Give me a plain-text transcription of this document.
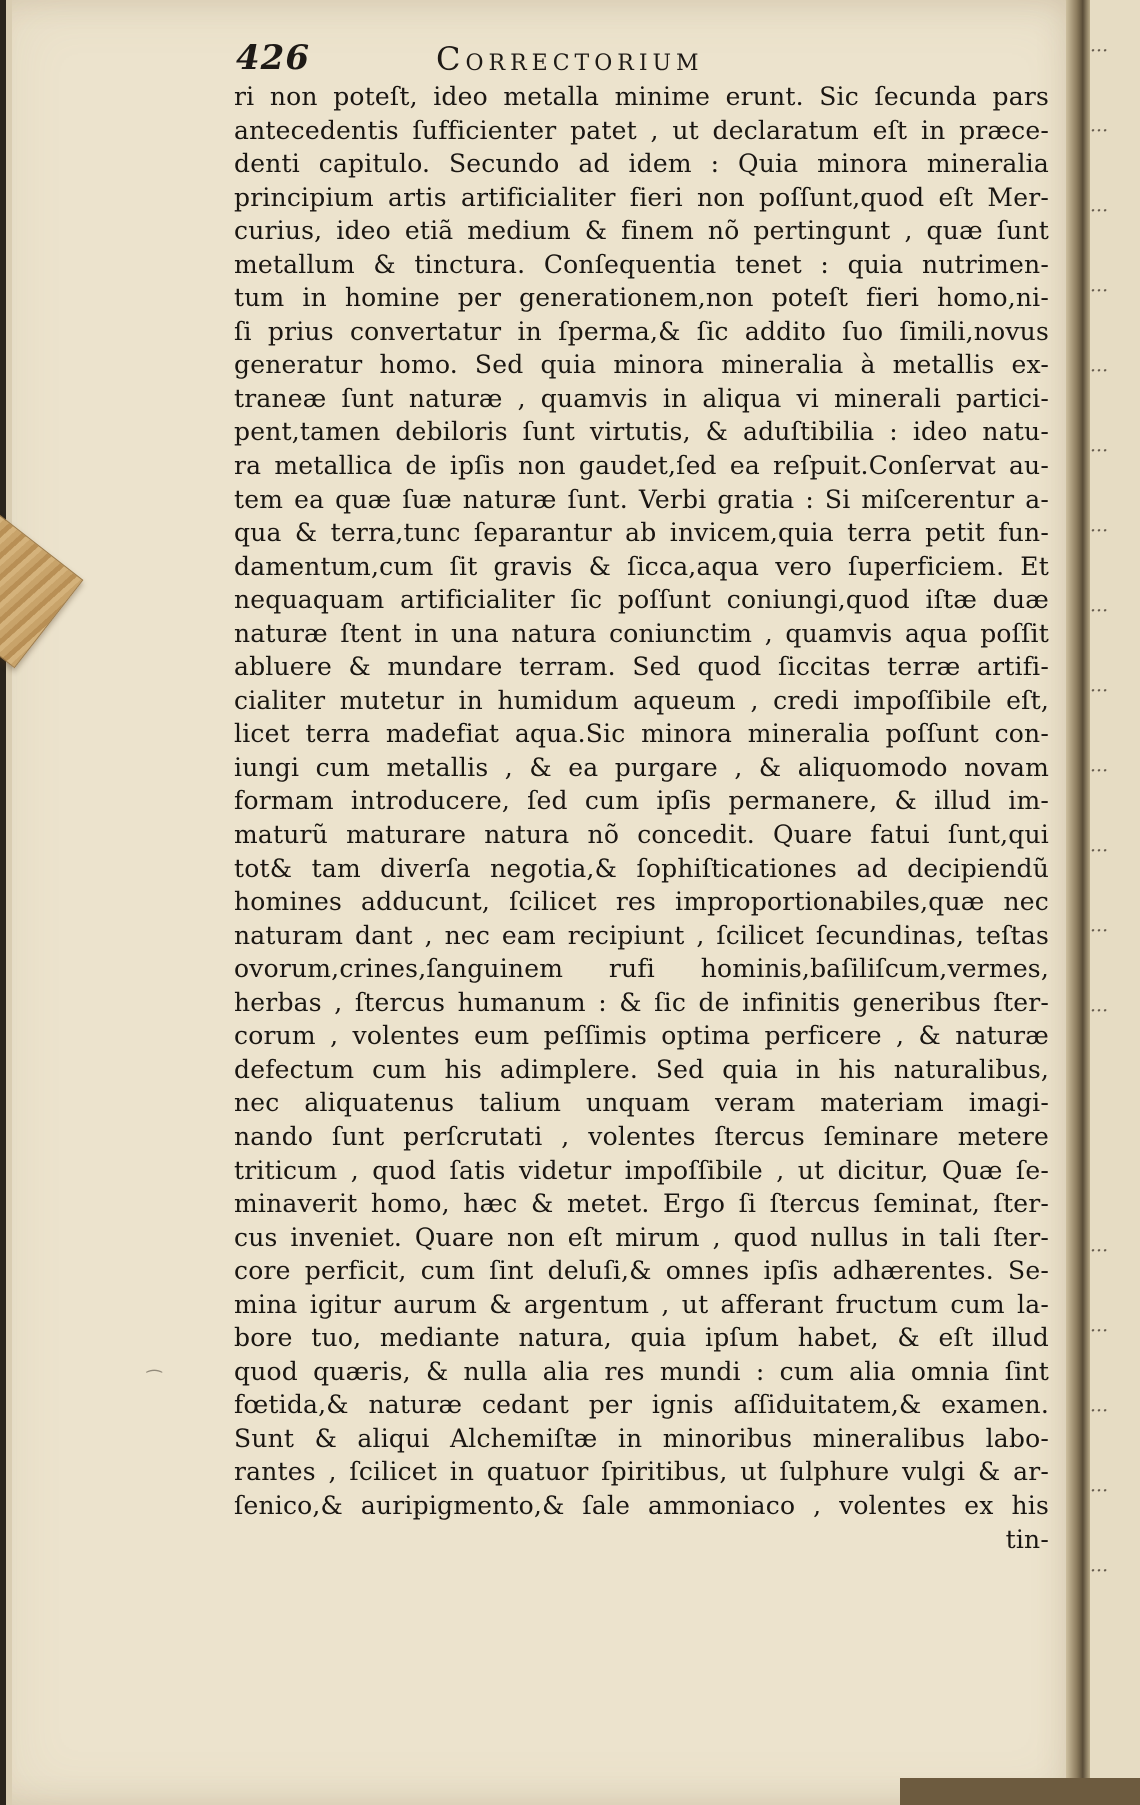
426	Correctorium
ri non poteſt, ideo metalla minime erunt. Sic ſecunda pars
antecedentis ſufficienter patet , ut declaratum eſt in præce-
denti capitulo. Secundo ad idem : Quia minora mineralia
principium artis artificialiter fieri non poſſunt,quod eſt Mer-
curius, ideo etiã medium & finem nõ pertingunt , quæ ſunt
metallum & tinctura. Conſequentia tenet : quia nutrimen-
tum in homine per generationem,non poteſt fieri homo,ni-
ſi prius convertatur in ſperma,& ſic addito ſuo ſimili,novus
generatur homo. Sed quia minora mineralia à metallis ex-
traneæ ſunt naturæ , quamvis in aliqua vi minerali partici-
pent,tamen debiloris ſunt virtutis, & aduſtibilia : ideo natu-
ra metallica de ipſis non gaudet,ſed ea reſpuit.Conſervat au-
tem ea quæ ſuæ naturæ ſunt. Verbi gratia : Si miſcerentur a-
qua & terra,tunc ſeparantur ab invicem,quia terra petit fun-
damentum,cum ſit gravis & ſicca,aqua vero ſuperficiem. Et
nequaquam artificialiter ſic poſſunt coniungi,quod iſtæ duæ
naturæ ſtent in una natura coniunctim , quamvis aqua poſſit
abluere & mundare terram. Sed quod ſiccitas terræ artifi-
cialiter mutetur in humidum aqueum , credi impoſſibile eſt,
licet terra madefiat aqua.Sic minora mineralia poſſunt con-
iungi cum metallis , & ea purgare , & aliquomodo novam
formam introducere, ſed cum ipſis permanere, & illud im-
maturũ maturare natura nõ concedit. Quare fatui ſunt,qui
tot& tam diverſa negotia,& ſophiſticationes ad decipiendũ
homines adducunt, ſcilicet res improportionabiles,quæ nec
naturam dant , nec eam recipiunt , ſcilicet ſecundinas, teſtas
ovorum,crines,ſanguinem rufi hominis,baſiliſcum,vermes,
herbas , ſtercus humanum : & ſic de infinitis generibus ſter-
corum , volentes eum peſſimis optima perficere , & naturæ
defectum cum his adimplere. Sed quia in his naturalibus,
nec aliquatenus talium unquam veram materiam imagi-
nando ſunt perſcrutati , volentes ſtercus ſeminare metere
triticum , quod ſatis videtur impoſſibile , ut dicitur, Quæ ſe-
minaverit homo, hæc & metet. Ergo ſi ſtercus ſeminat, ſter-
cus inveniet. Quare non eſt mirum , quod nullus in tali ſter-
core perficit, cum ſint deluſi,& omnes ipſis adhærentes. Se-
mina igitur aurum & argentum , ut afferant fructum cum la-
bore tuo, mediante natura, quia ipſum habet, & eſt illud
quod quæris, & nulla alia res mundi : cum alia omnia ſint
fœtida,& naturæ cedant per ignis aſſiduitatem,& examen.
Sunt & aliqui Alchemiſtæ in minoribus mineralibus labo-
rantes , ſcilicet in quatuor ſpiritibus, ut ſulphure vulgi & ar-
ſenico,& auripigmento,& ſale ammoniaco , volentes ex his
tin-
⁀
···
···
···
···
···
···
···
···
···
···
···
···
···
···
···
···
···
···
